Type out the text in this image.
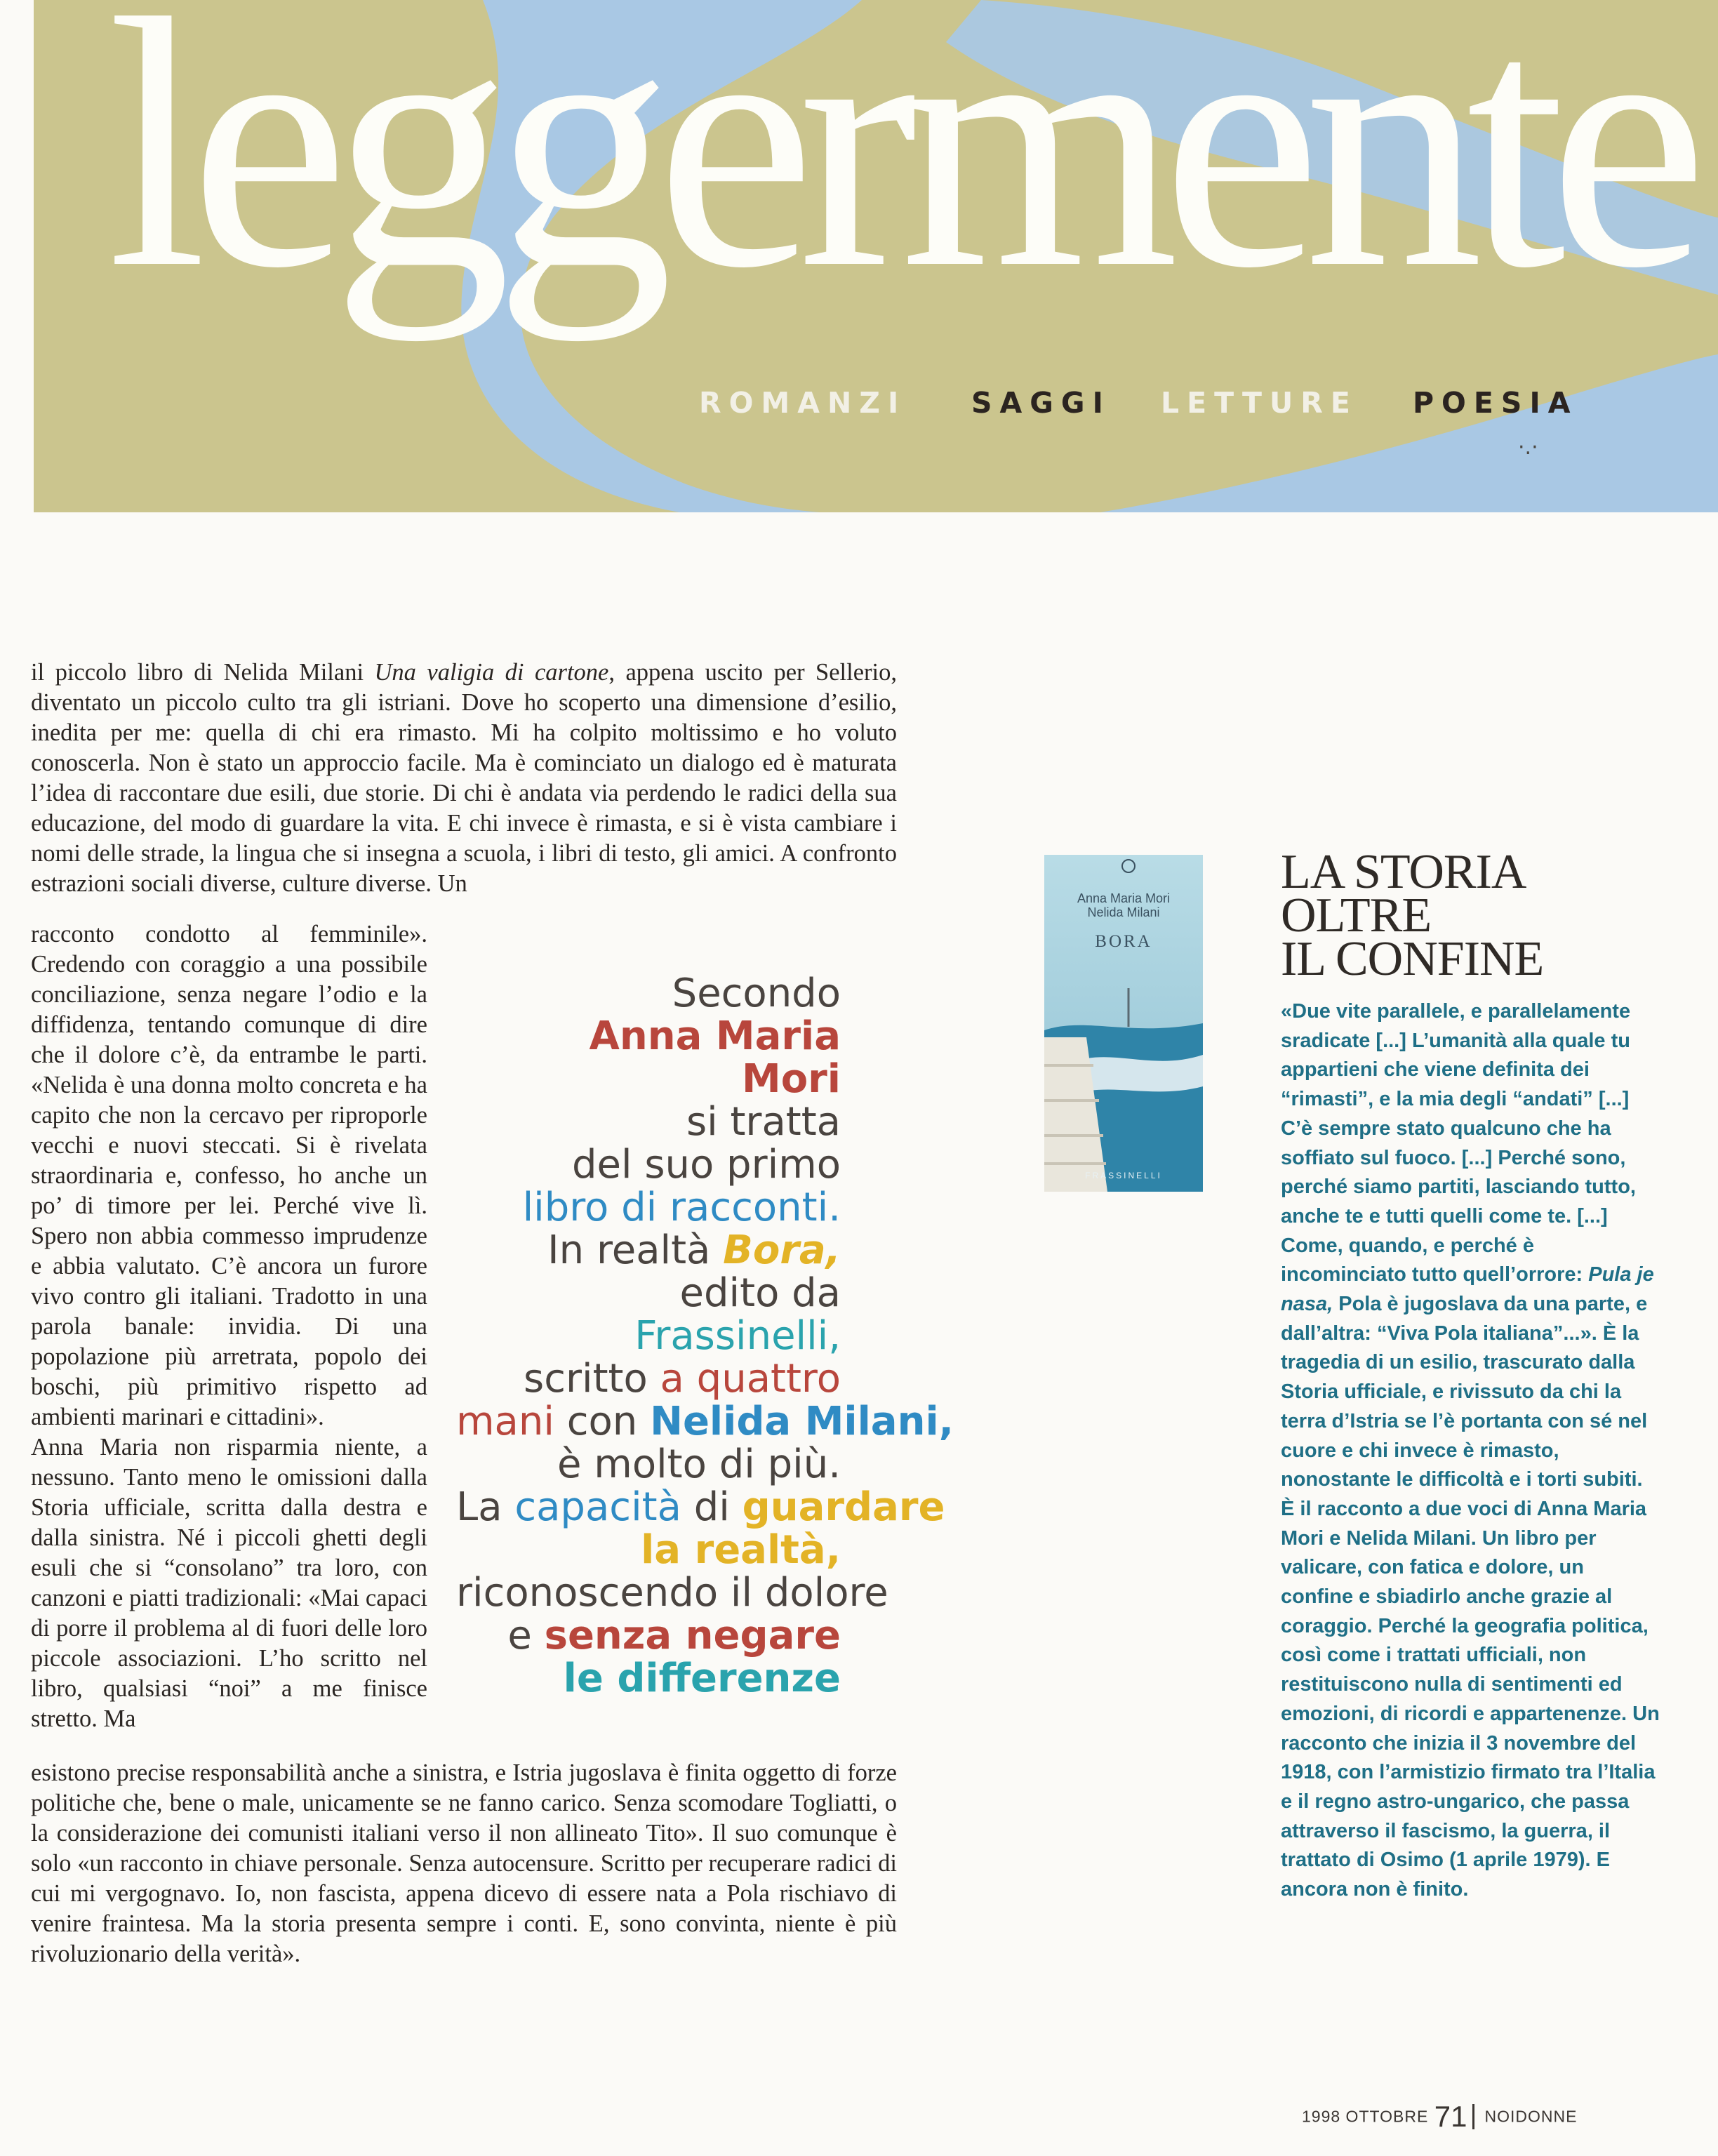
leggermente
ROMANZI SAGGI LETTURE POESIA
·.·

il piccolo libro di Nelida Milani Una valigia di cartone, appena uscito per Sellerio, diventato un piccolo culto tra gli istriani. Dove ho scoperto una dimensione d’esilio, inedita per me: quella di chi era rimasto. Mi ha colpito moltissimo e ho voluto conoscerla. Non è stato un approccio facile. Ma è cominciato un dialogo ed è maturata l’idea di raccontare due esili, due storie. Di chi è andata via perdendo le radici della sua educazione, del modo di guardare la vita. E chi invece è rimasta, e si è vista cambiare i nomi delle strade, la lingua che si insegna a scuola, i libri di testo, gli amici. A confronto estrazioni sociali diverse, culture diverse. Un

racconto condotto al femminile». Credendo con coraggio a una possibile conciliazione, senza negare l’odio e la diffidenza, tentando comunque di dire che il dolore c’è, da entrambe le parti. «Nelida è una donna molto concreta e ha capito che non la cercavo per riproporle vecchi e nuovi steccati. Si è rivelata straordinaria e, confesso, ho anche un po’ di timore per lei. Perché vive lì. Spero non abbia commesso imprudenze e abbia valutato. C’è ancora un furore vivo contro gli italiani. Tradotto in una parola banale: invidia. Di una popolazione più arretrata, popolo dei boschi, più primitivo rispetto ad ambienti marinari e cittadini».

Anna Maria non risparmia niente, a nessuno. Tanto meno le omissioni dalla Storia ufficiale, scritta dalla destra e dalla sinistra. Né i piccoli ghetti degli esuli che si “consolano” tra loro, con canzoni e piatti tradizionali: «Mai capaci di porre il problema al di fuori delle loro piccole associazioni. L’ho scritto nel libro, qualsiasi “noi” a me finisce stretto. Ma

esistono precise responsabilità anche a sinistra, e Istria jugoslava è finita oggetto di forze politiche che, bene o male, unicamente se ne fanno carico. Senza scomodare Togliatti, o la considerazione dei comunisti italiani verso il non allineato Tito». Il suo comunque è solo «un racconto in chiave personale. Senza autocensure. Scritto per recuperare radici di cui mi vergognavo. Io, non fascista, appena dicevo di essere nata a Pola rischiavo di venire fraintesa. Ma la storia presenta sempre i conti. E, sono convinta, niente è più rivoluzionario della verità».

Secondo
Anna Maria
Mori
si tratta
del suo primo
libro di racconti.
In realtà Bora,
edito da
Frassinelli,
scritto a quattro
mani con Nelida Milani,
è molto di più.
La capacità di guardare
la realtà,
riconoscendo il dolore
e senza negare
le differenze
Anna Maria Mori
Nelida Milani
BORA
FRASSINELLI
LA STORIA
OLTRE
IL CONFINE
«Due vite parallele, e parallelamente sradicate [...] L’umanità alla quale tu appartieni che viene definita dei “rimasti”, e la mia degli “andati” [...] C’è sempre stato qualcuno che ha soffiato sul fuoco. [...] Perché sono, perché siamo partiti, lasciando tutto, anche te e tutti quelli come te. [...] Come, quando, e perché è incominciato tutto quell’orrore: Pula je nasa, Pola è jugoslava da una parte, e dall’altra: “Viva Pola italiana”...». È la tragedia di un esilio, trascurato dalla Storia ufficiale, e rivissuto da chi la terra d’Istria se l’è portanta con sé nel cuore e chi invece è rimasto, nonostante le difficoltà e i torti subiti. È il racconto a due voci di Anna Maria Mori e Nelida Milani. Un libro per valicare, con fatica e dolore, un confine e sbiadirlo anche grazie al coraggio. Perché la geografia politica, così come i trattati ufficiali, non restituiscono nulla di sentimenti ed emozioni, di ricordi e appartenenze. Un racconto che inizia il 3 novembre del 1918, con l’armistizio firmato tra l’Italia e il regno astro-ungarico, che passa attraverso il fascismo, la guerra, il trattato di Osimo (1 aprile 1979). E ancora non è finito.
1998 OTTOBRE 71 NOIDONNE
